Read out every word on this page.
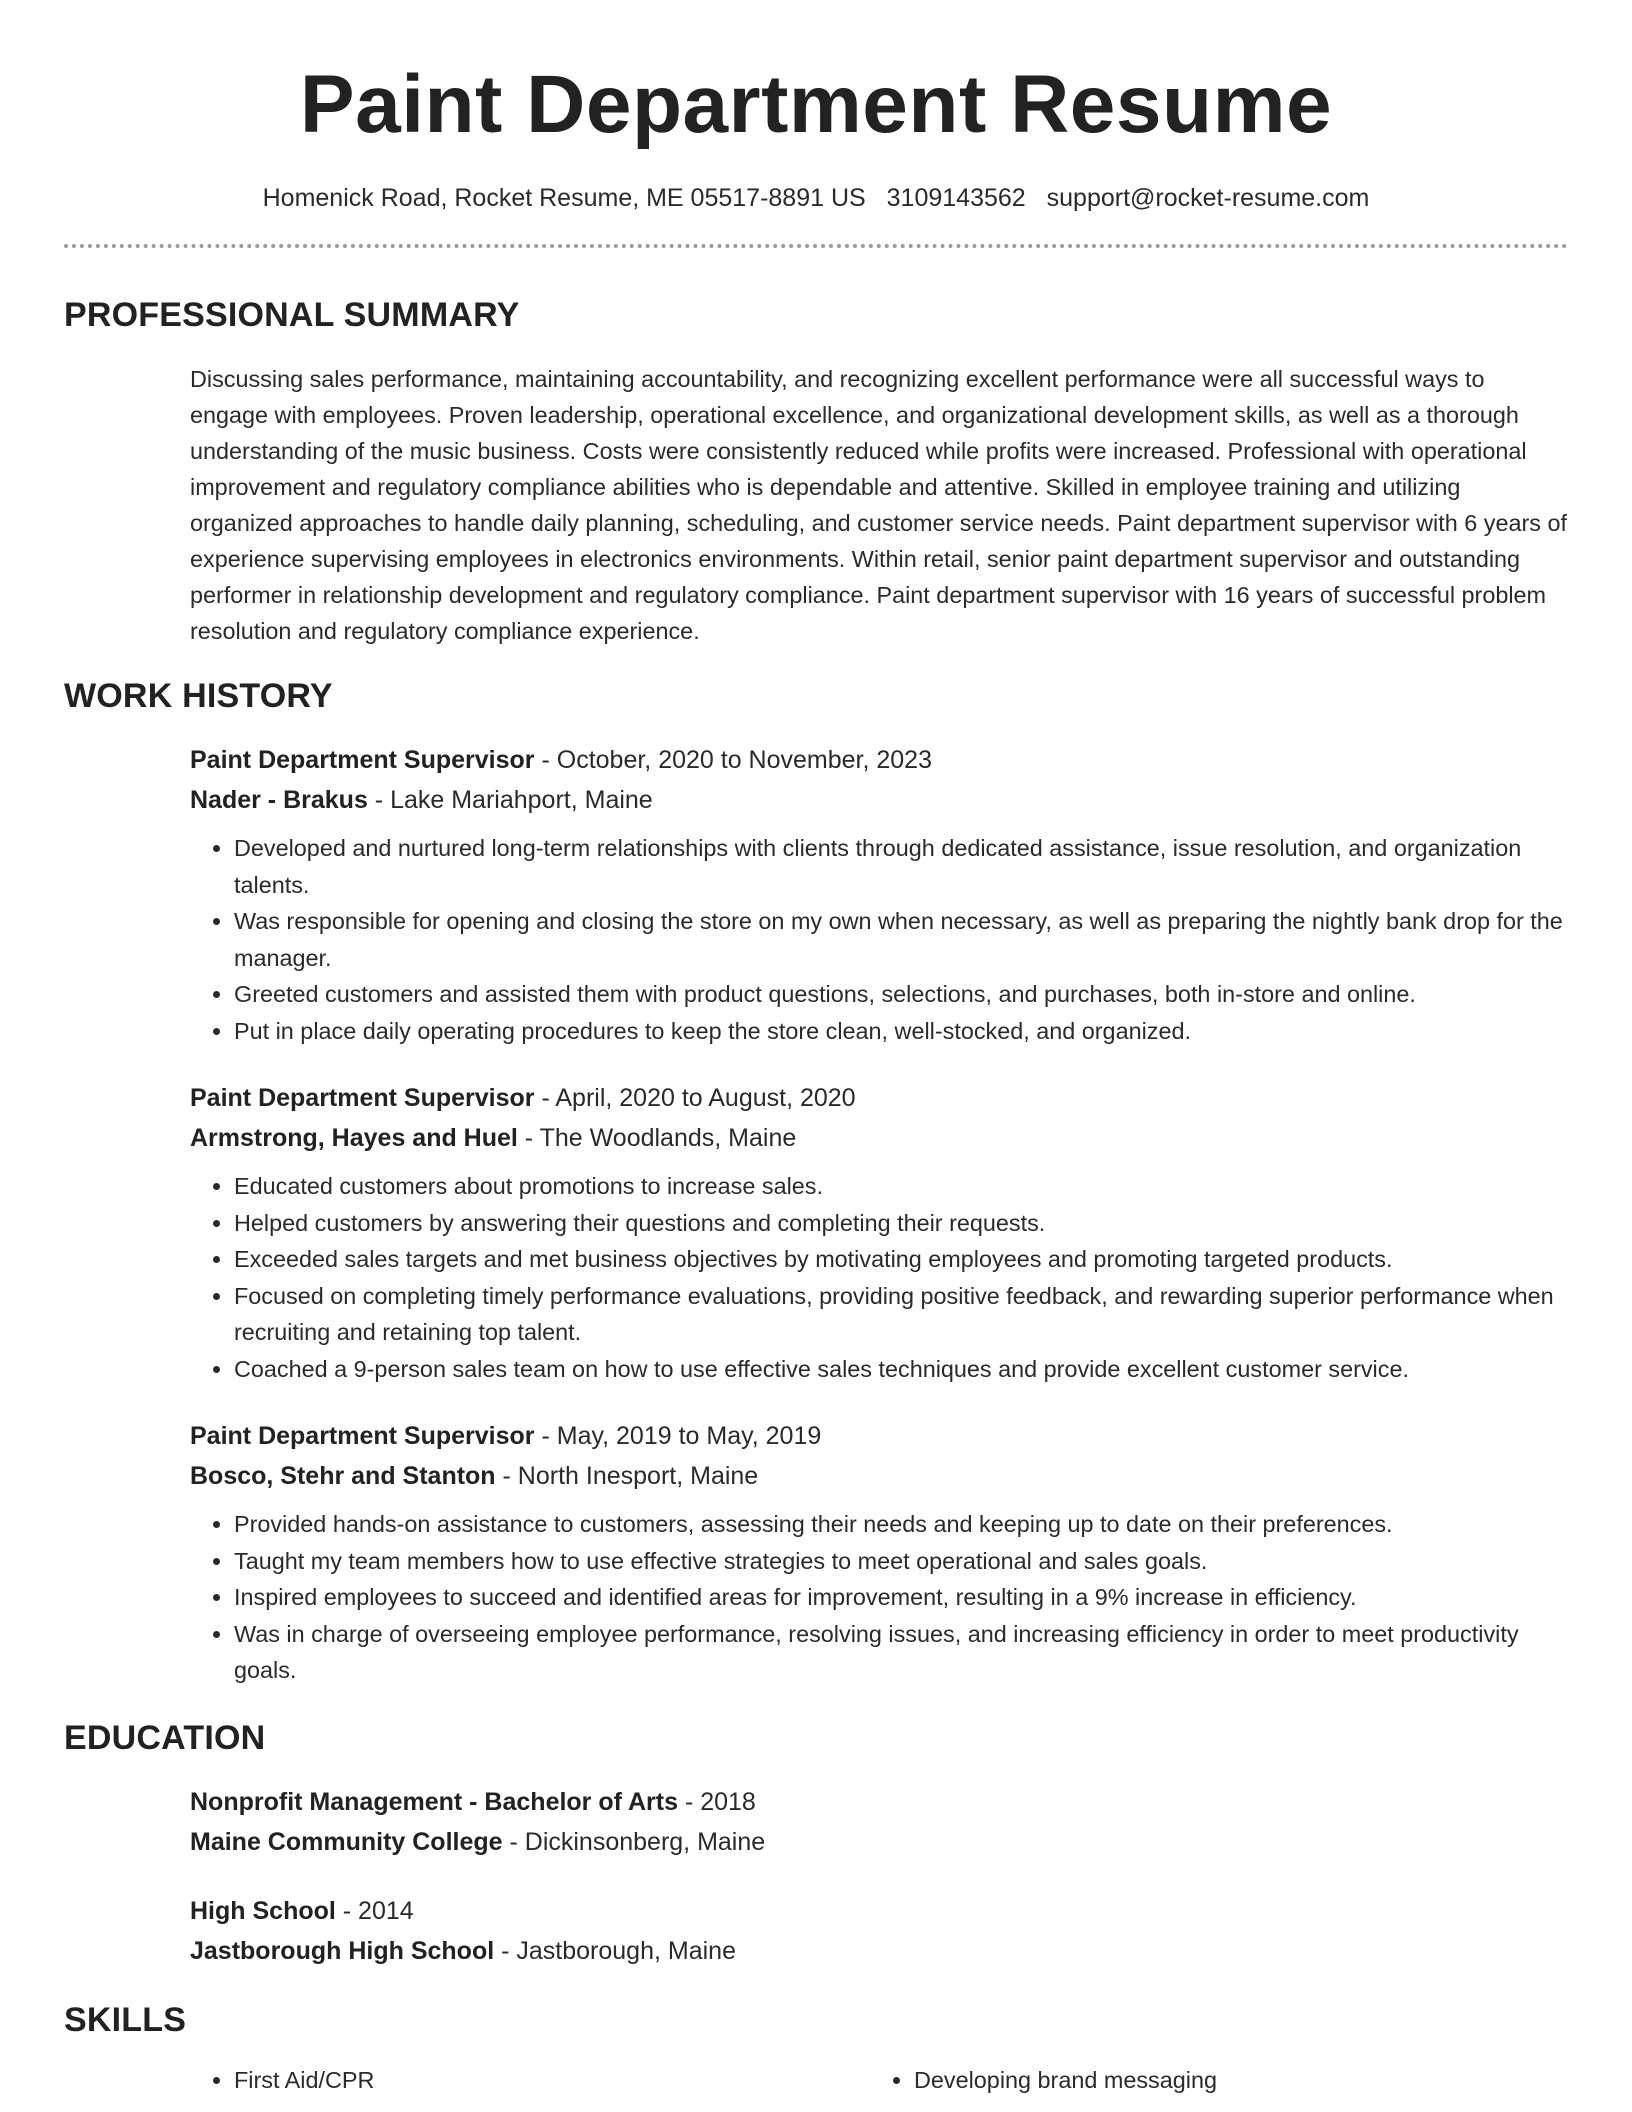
Paint Department Resume
Homenick Road, Rocket Resume, ME 05517-8891 US 3109143562 support@rocket-resume.com
PROFESSIONAL SUMMARY
Discussing sales performance, maintaining accountability, and recognizing excellent performance were all successful ways to engage with employees. Proven leadership, operational excellence, and organizational development skills, as well as a thorough understanding of the music business. Costs were consistently reduced while profits were increased. Professional with operational improvement and regulatory compliance abilities who is dependable and attentive. Skilled in employee training and utilizing organized approaches to handle daily planning, scheduling, and customer service needs. Paint department supervisor with 6 years of experience supervising employees in electronics environments. Within retail, senior paint department supervisor and outstanding performer in relationship development and regulatory compliance. Paint department supervisor with 16 years of successful problem resolution and regulatory compliance experience.
WORK HISTORY
Paint Department Supervisor - October, 2020 to November, 2023
Nader - Brakus - Lake Mariahport, Maine
• Developed and nurtured long-term relationships with clients through dedicated assistance, issue resolution, and organization talents.
• Was responsible for opening and closing the store on my own when necessary, as well as preparing the nightly bank drop for the manager.
• Greeted customers and assisted them with product questions, selections, and purchases, both in-store and online.
• Put in place daily operating procedures to keep the store clean, well-stocked, and organized.
Paint Department Supervisor - April, 2020 to August, 2020
Armstrong, Hayes and Huel - The Woodlands, Maine
• Educated customers about promotions to increase sales.
• Helped customers by answering their questions and completing their requests.
• Exceeded sales targets and met business objectives by motivating employees and promoting targeted products.
• Focused on completing timely performance evaluations, providing positive feedback, and rewarding superior performance when recruiting and retaining top talent.
• Coached a 9-person sales team on how to use effective sales techniques and provide excellent customer service.
Paint Department Supervisor - May, 2019 to May, 2019
Bosco, Stehr and Stanton - North Inesport, Maine
• Provided hands-on assistance to customers, assessing their needs and keeping up to date on their preferences.
• Taught my team members how to use effective strategies to meet operational and sales goals.
• Inspired employees to succeed and identified areas for improvement, resulting in a 9% increase in efficiency.
• Was in charge of overseeing employee performance, resolving issues, and increasing efficiency in order to meet productivity goals.
EDUCATION
Nonprofit Management - Bachelor of Arts - 2018
Maine Community College - Dickinsonberg, Maine
High School - 2014
Jastborough High School - Jastborough, Maine
SKILLS
• First Aid/CPR
•	Developing brand messaging
